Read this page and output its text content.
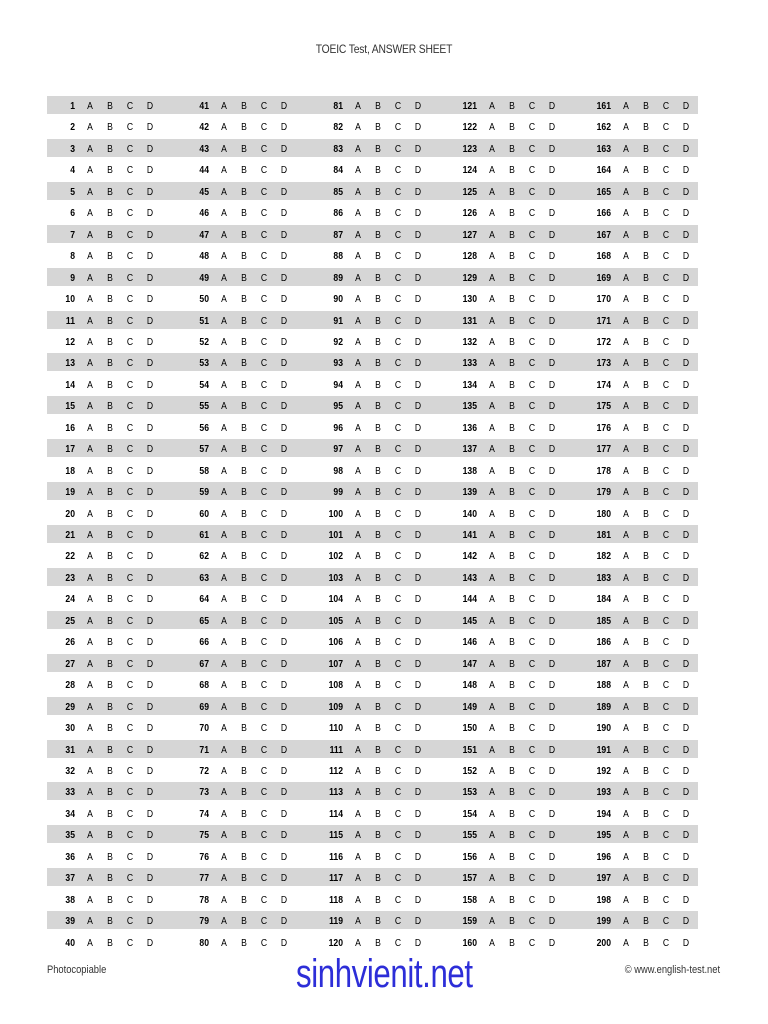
TOEIC Test, ANSWER SHEET
1 A B C D	41 A B C D	81 A B C D	121 A B C D	161 A B C D
2 A B C D	42 A B C D	82 A B C D	122 A B C D	162 A B C D
3 A B C D	43 A B C D	83 A B C D	123 A B C D	163 A B C D
4 A B C D	44 A B C D	84 A B C D	124 A B C D	164 A B C D
5 A B C D	45 A B C D	85 A B C D	125 A B C D	165 A B C D
6 A B C D	46 A B C D	86 A B C D	126 A B C D	166 A B C D
7 A B C D	47 A B C D	87 A B C D	127 A B C D	167 A B C D
8 A B C D	48 A B C D	88 A B C D	128 A B C D	168 A B C D
9 A B C D	49 A B C D	89 A B C D	129 A B C D	169 A B C D
10 A B C D	50 A B C D	90 A B C D	130 A B C D	170 A B C D
11 A B C D	51 A B C D	91 A B C D	131 A B C D	171 A B C D
12 A B C D	52 A B C D	92 A B C D	132 A B C D	172 A B C D
13 A B C D	53 A B C D	93 A B C D	133 A B C D	173 A B C D
14 A B C D	54 A B C D	94 A B C D	134 A B C D	174 A B C D
15 A B C D	55 A B C D	95 A B C D	135 A B C D	175 A B C D
16 A B C D	56 A B C D	96 A B C D	136 A B C D	176 A B C D
17 A B C D	57 A B C D	97 A B C D	137 A B C D	177 A B C D
18 A B C D	58 A B C D	98 A B C D	138 A B C D	178 A B C D
19 A B C D	59 A B C D	99 A B C D	139 A B C D	179 A B C D
20 A B C D	60 A B C D	100 A B C D	140 A B C D	180 A B C D
21 A B C D	61 A B C D	101 A B C D	141 A B C D	181 A B C D
22 A B C D	62 A B C D	102 A B C D	142 A B C D	182 A B C D
23 A B C D	63 A B C D	103 A B C D	143 A B C D	183 A B C D
24 A B C D	64 A B C D	104 A B C D	144 A B C D	184 A B C D
25 A B C D	65 A B C D	105 A B C D	145 A B C D	185 A B C D
26 A B C D	66 A B C D	106 A B C D	146 A B C D	186 A B C D
27 A B C D	67 A B C D	107 A B C D	147 A B C D	187 A B C D
28 A B C D	68 A B C D	108 A B C D	148 A B C D	188 A B C D
29 A B C D	69 A B C D	109 A B C D	149 A B C D	189 A B C D
30 A B C D	70 A B C D	110 A B C D	150 A B C D	190 A B C D
31 A B C D	71 A B C D	111 A B C D	151 A B C D	191 A B C D
32 A B C D	72 A B C D	112 A B C D	152 A B C D	192 A B C D
33 A B C D	73 A B C D	113 A B C D	153 A B C D	193 A B C D
34 A B C D	74 A B C D	114 A B C D	154 A B C D	194 A B C D
35 A B C D	75 A B C D	115 A B C D	155 A B C D	195 A B C D
36 A B C D	76 A B C D	116 A B C D	156 A B C D	196 A B C D
37 A B C D	77 A B C D	117 A B C D	157 A B C D	197 A B C D
38 A B C D	78 A B C D	118 A B C D	158 A B C D	198 A B C D
39 A B C D	79 A B C D	119 A B C D	159 A B C D	199 A B C D
40 A B C D	80 A B C D	120 A B C D	160 A B C D	200 A B C D
Photocopiable	sinhvienit.net	© www.english-test.net
